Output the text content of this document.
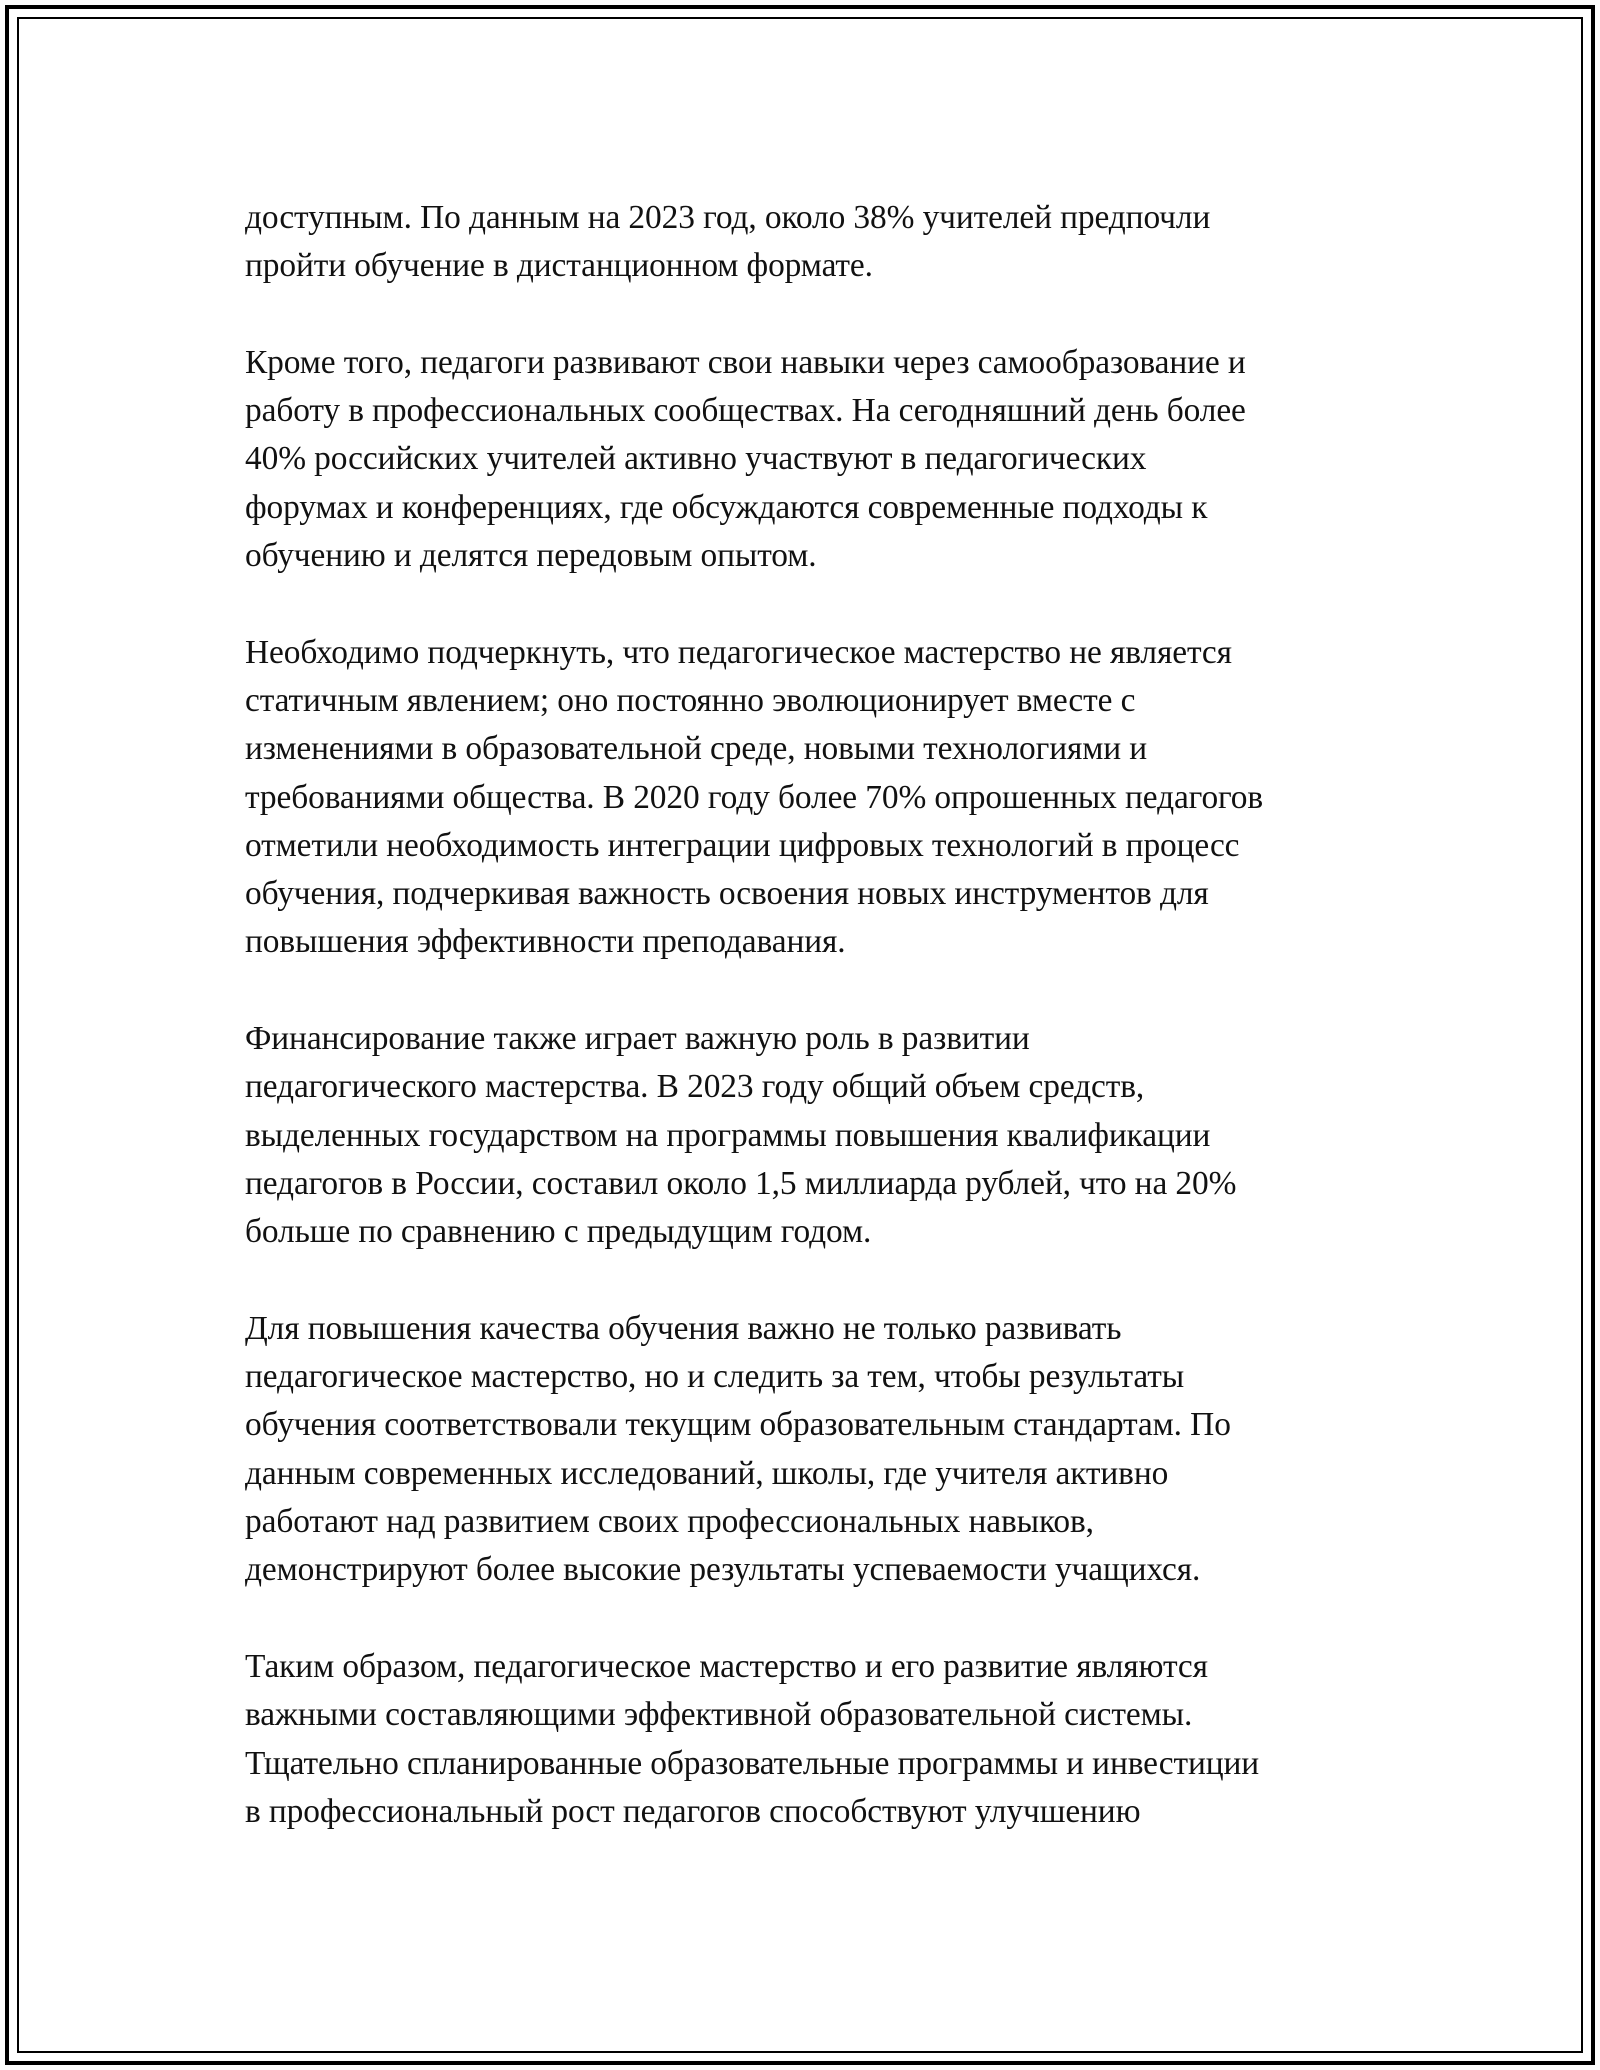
доступным. По данным на 2023 год, около 38% учителей предпочли
пройти обучение в дистанционном формате.

Кроме того, педагоги развивают свои навыки через самообразование и
работу в профессиональных сообществах. На сегодняшний день более
40% российских учителей активно участвуют в педагогических
форумах и конференциях, где обсуждаются современные подходы к
обучению и делятся передовым опытом.

Необходимо подчеркнуть, что педагогическое мастерство не является
статичным явлением; оно постоянно эволюционирует вместе с
изменениями в образовательной среде, новыми технологиями и
требованиями общества. В 2020 году более 70% опрошенных педагогов
отметили необходимость интеграции цифровых технологий в процесс
обучения, подчеркивая важность освоения новых инструментов для
повышения эффективности преподавания.

Финансирование также играет важную роль в развитии
педагогического мастерства. В 2023 году общий объем средств,
выделенных государством на программы повышения квалификации
педагогов в России, составил около 1,5 миллиарда рублей, что на 20%
больше по сравнению с предыдущим годом.

Для повышения качества обучения важно не только развивать
педагогическое мастерство, но и следить за тем, чтобы результаты
обучения соответствовали текущим образовательным стандартам. По
данным современных исследований, школы, где учителя активно
работают над развитием своих профессиональных навыков,
демонстрируют более высокие результаты успеваемости учащихся.

Таким образом, педагогическое мастерство и его развитие являются
важными составляющими эффективной образовательной системы.
Тщательно спланированные образовательные программы и инвестиции
в профессиональный рост педагогов способствуют улучшению
